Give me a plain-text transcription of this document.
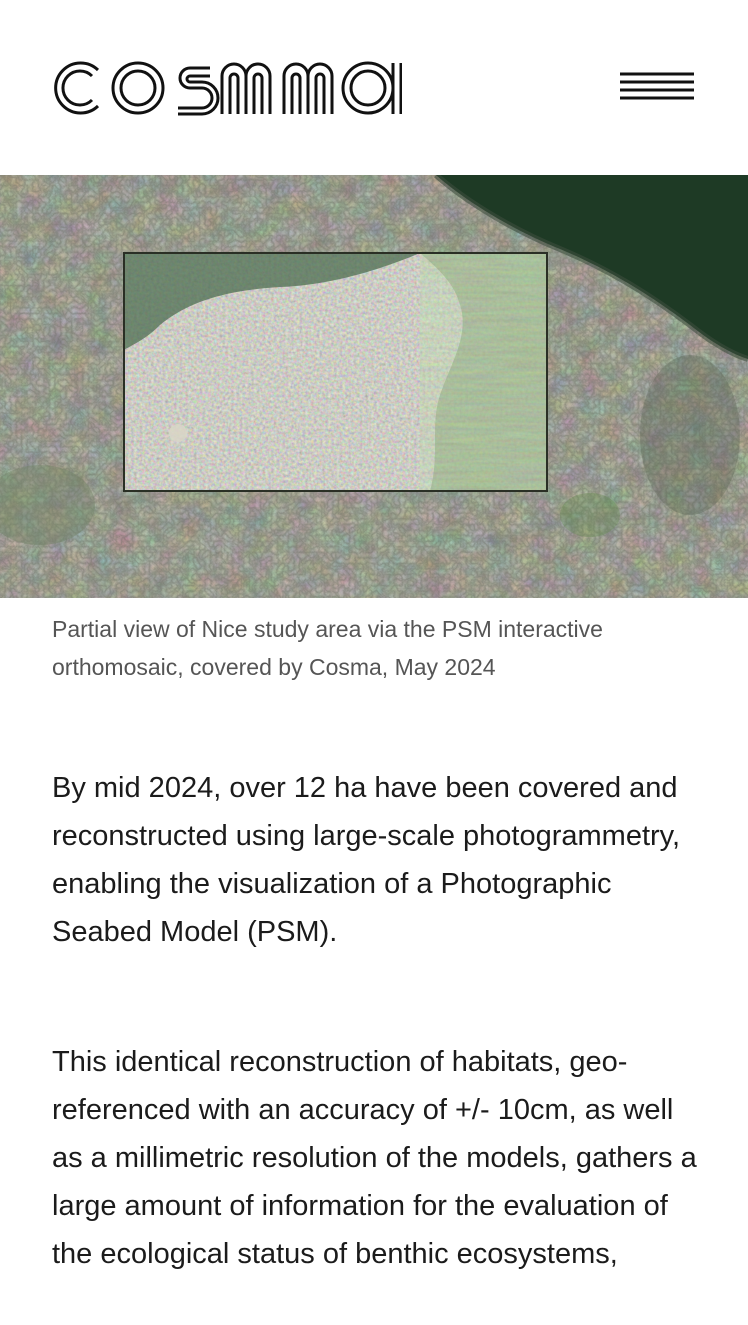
Partial view of Nice study area via the PSM interactive orthomosaic, covered by Cosma, May 2024

By mid 2024, over 12 ha have been covered and reconstructed using large-scale photogrammetry, enabling the visualization of a Photographic Seabed Model (PSM).

This identical reconstruction of habitats, geo-referenced with an accuracy of +/- 10cm, as well as a millimetric resolution of the models, gathers a large amount of information for the evaluation of the ecological status of benthic ecosystems,
